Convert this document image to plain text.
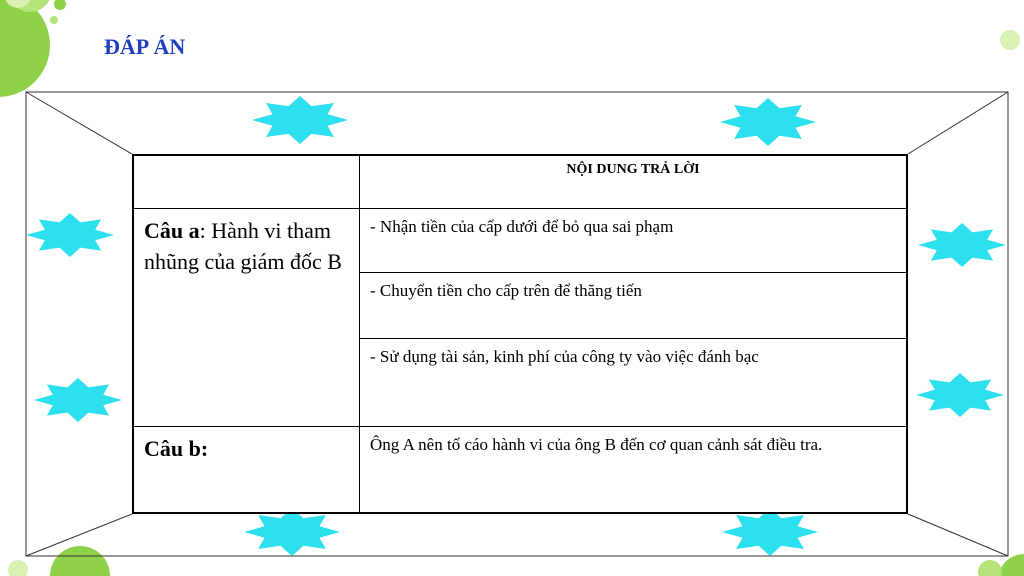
ĐÁP ÁN
	NỘI DUNG TRẢ LỜI
Câu a: Hành vi tham nhũng của giám đốc B	- Nhận tiền của cấp dưới để bỏ qua sai phạm
	- Chuyển tiền cho cấp trên để thăng tiến
	- Sử dụng tài sản, kinh phí của công ty vào việc đánh bạc
Câu b:	Ông A nên tố cáo hành vi của ông B đến cơ quan cảnh sát điều tra.
